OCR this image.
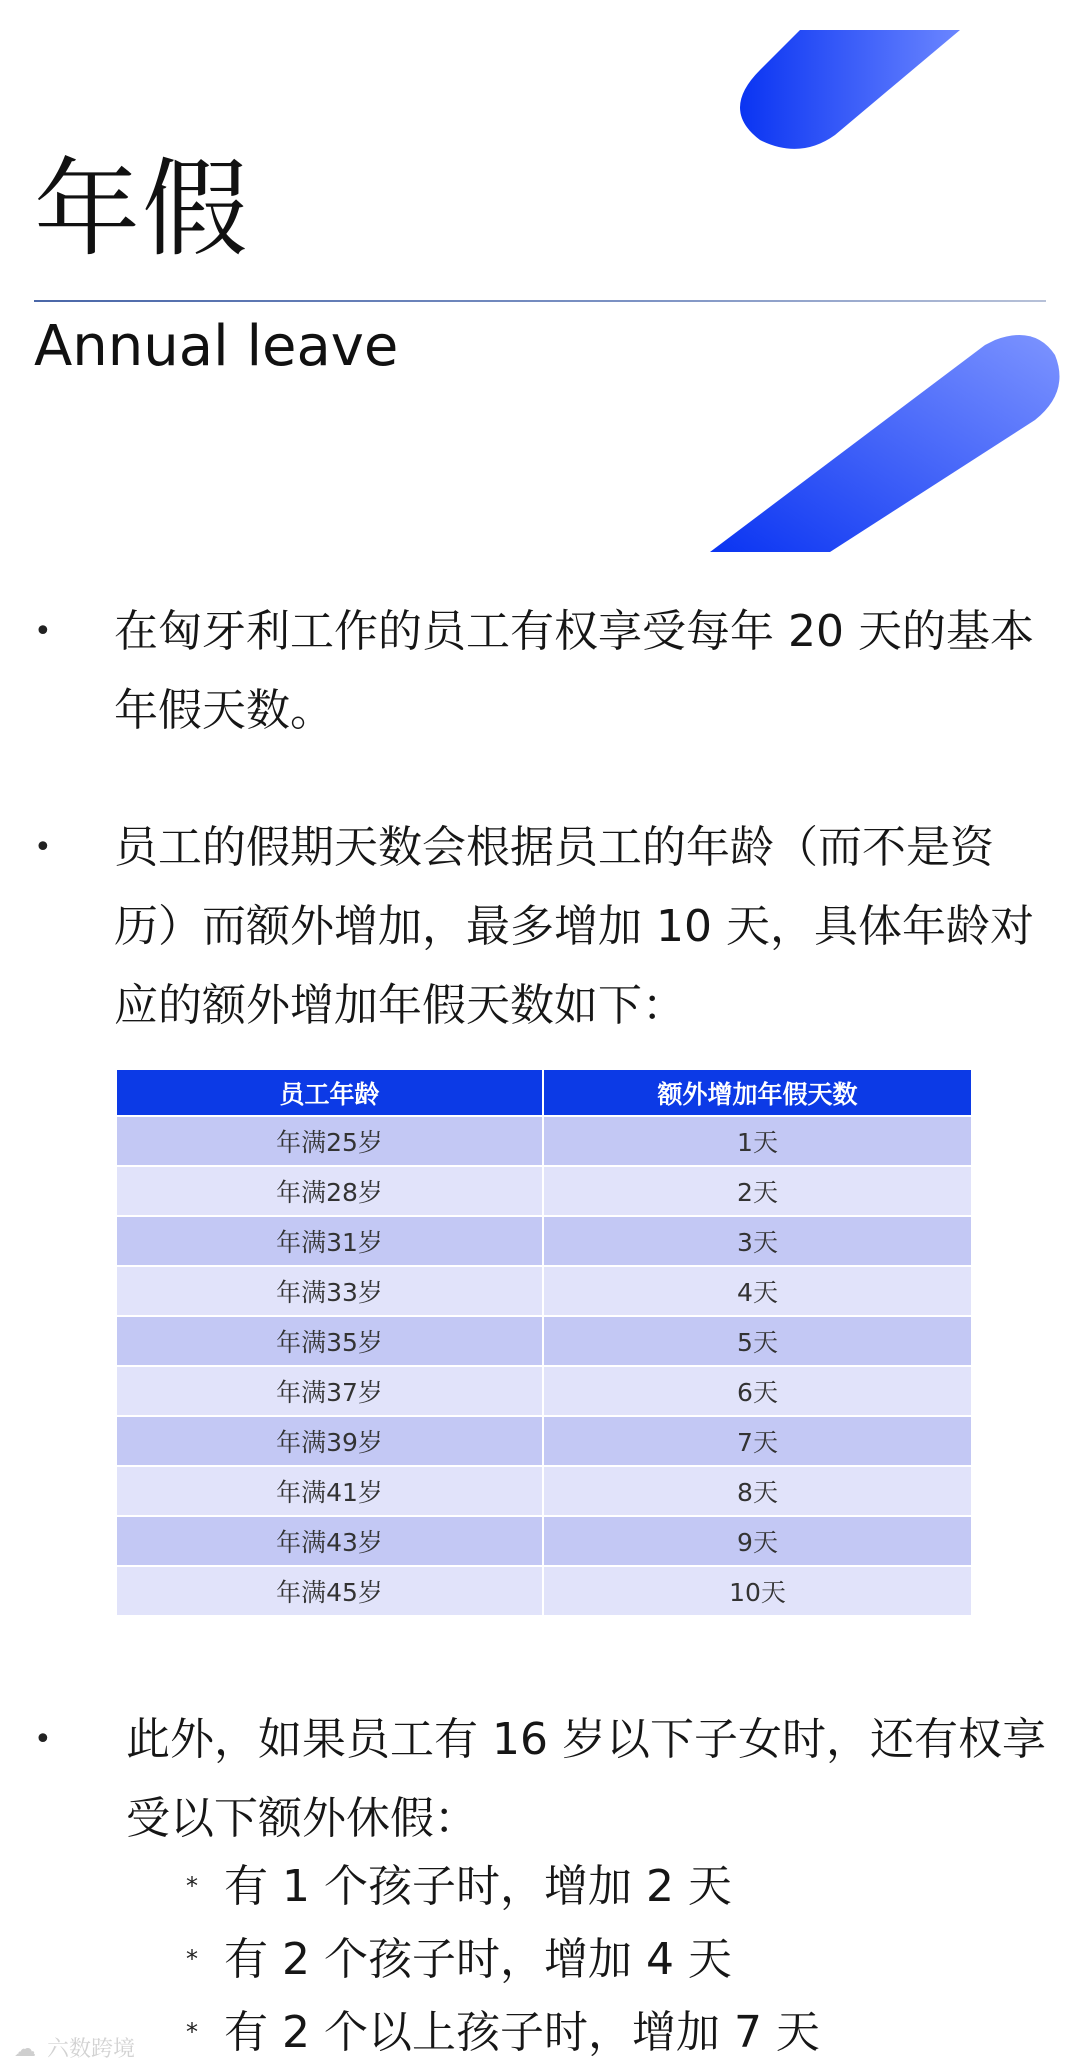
年假
Annual leave
•	在匈牙利工作的员工有权享受每年 20 天的基本年假天数。
•	员工的假期天数会根据员工的年龄（而不是资历）而额外增加，最多增加 10 天，具体年龄对应的额外增加年假天数如下：
员工年龄	额外增加年假天数
年满25岁	1天
年满28岁	2天
年满31岁	3天
年满33岁	4天
年满35岁	5天
年满37岁	6天
年满39岁	7天
年满41岁	8天
年满43岁	9天
年满45岁	10天
•	此外，如果员工有 16 岁以下子女时，还有权享受以下额外休假：
* 有 1 个孩子时，增加 2 天
* 有 2 个孩子时，增加 4 天
* 有 2 个以上孩子时，增加 7 天
☁ 六数跨境
